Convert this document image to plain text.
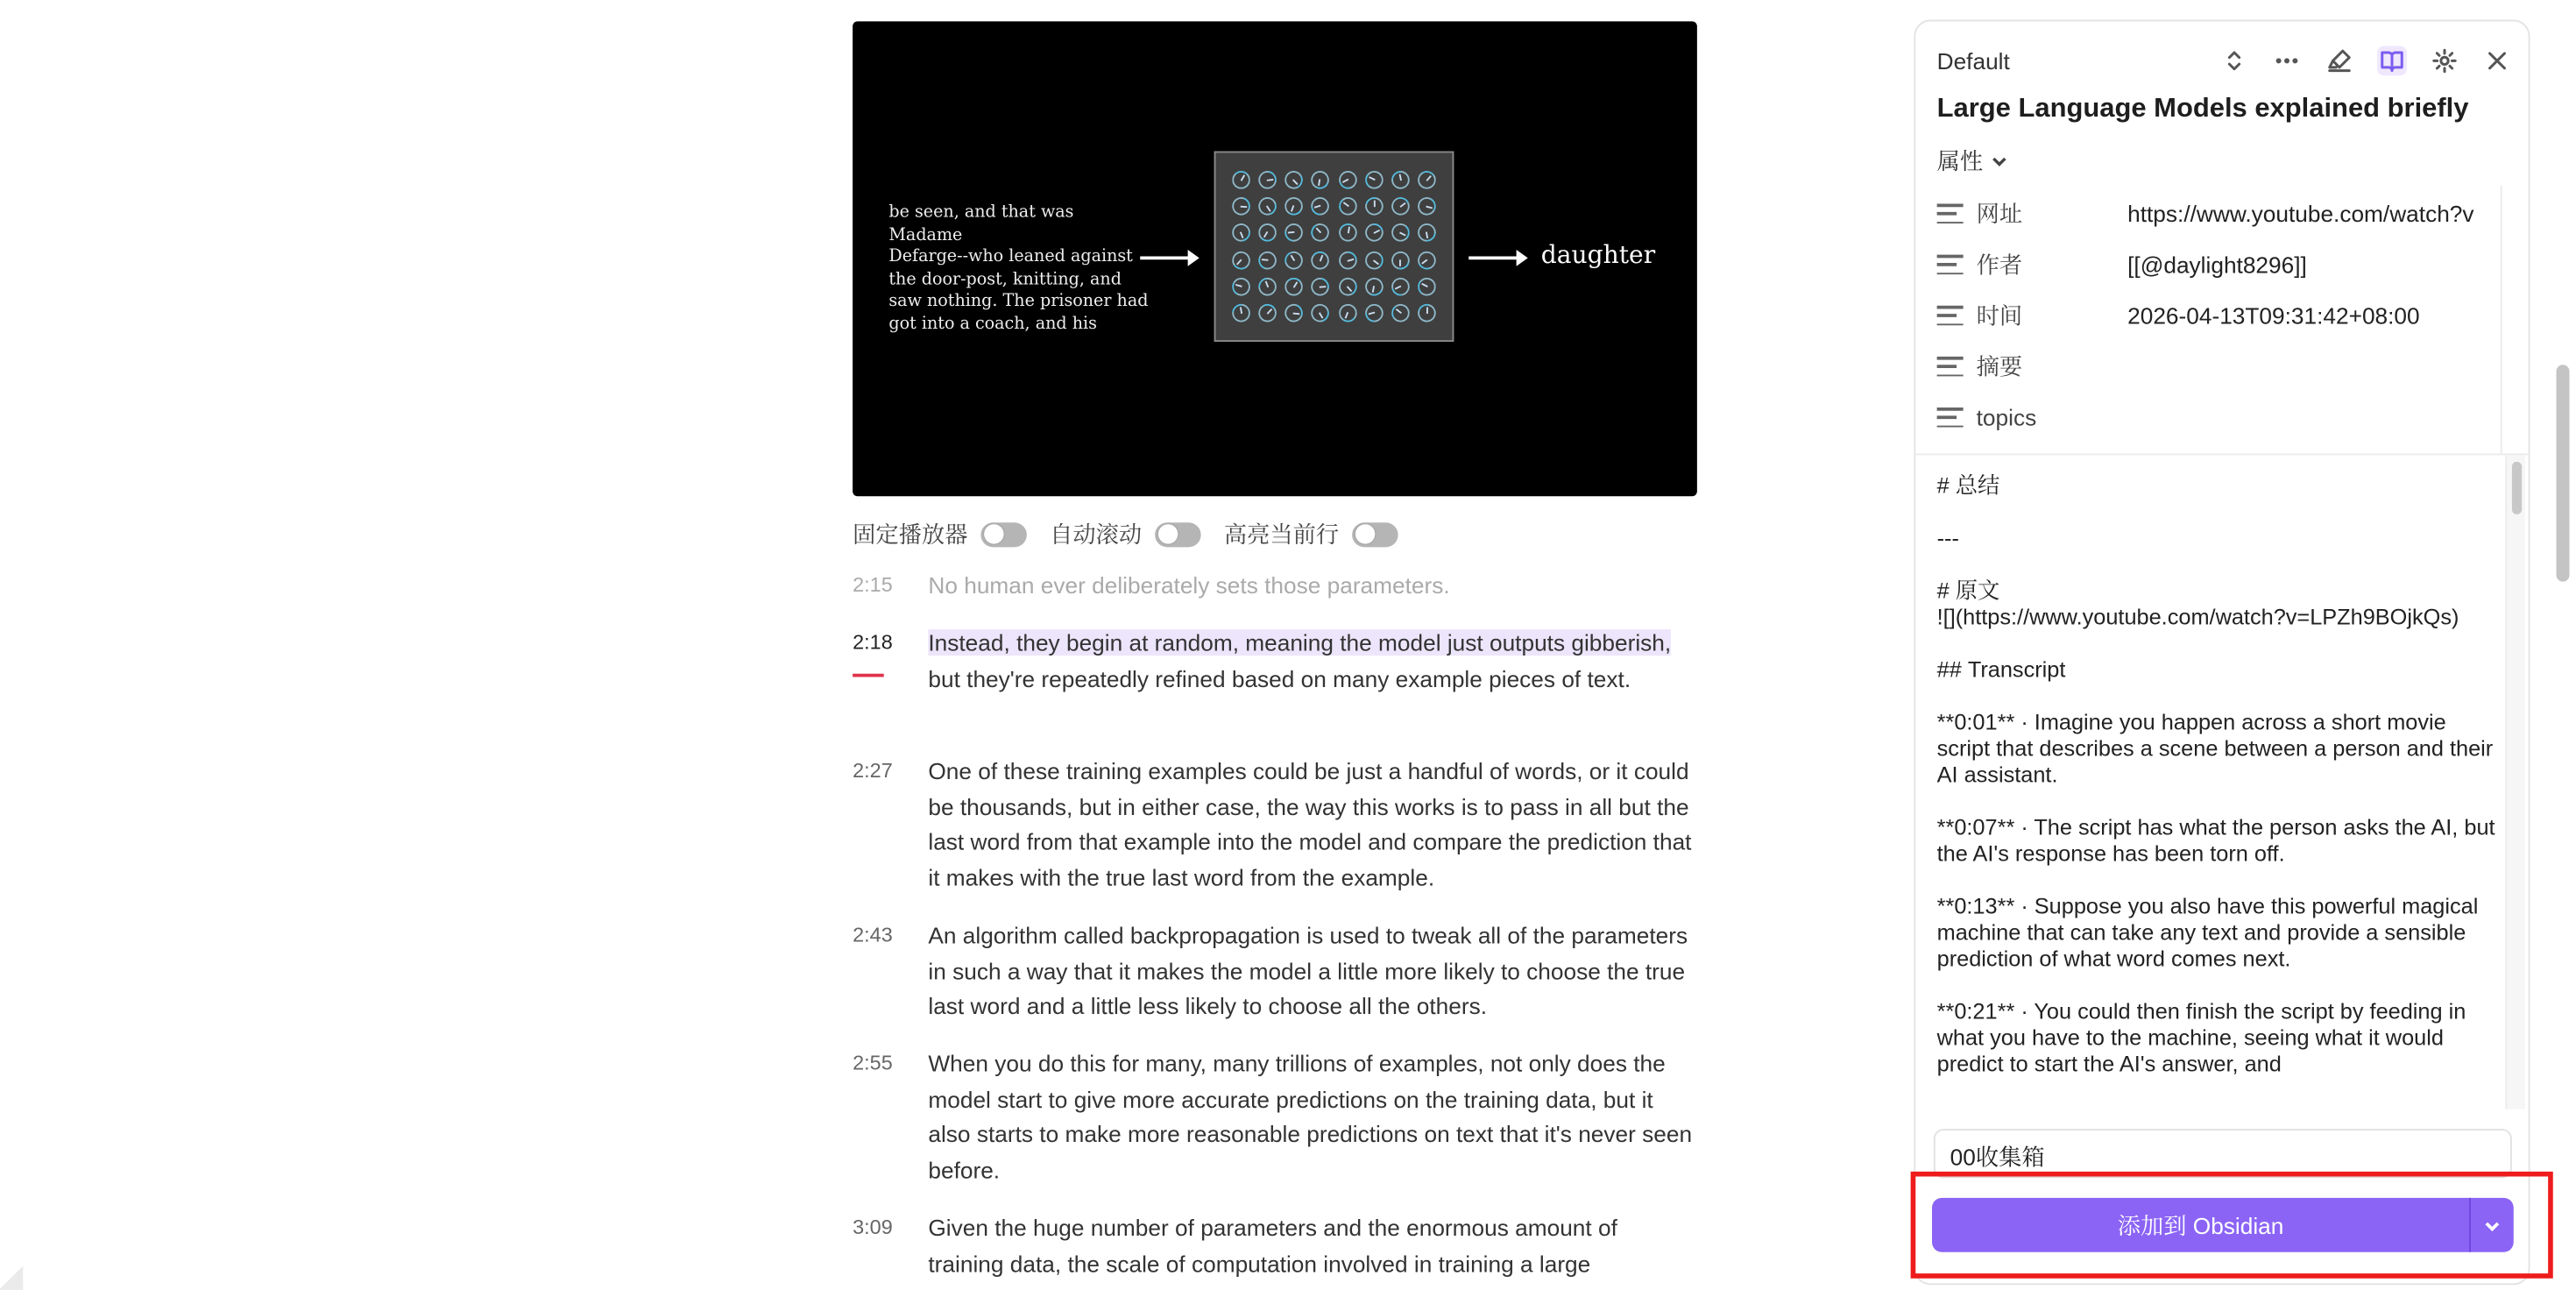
be seen, and that was Madame
Defarge--who leaned against
the door-post, knitting, and
saw nothing. The prisoner had
got into a coach, and his
daughter
固定播放器	自动滚动	高亮当前行
2:15	No human ever deliberately sets those parameters.
2:18	Instead, they begin at random, meaning the model just outputs gibberish, but they're repeatedly refined based on many example pieces of text.
2:27	One of these training examples could be just a handful of words, or it could be thousands, but in either case, the way this works is to pass in all but the last word from that example into the model and compare the prediction that it makes with the true last word from the example.
2:43	An algorithm called backpropagation is used to tweak all of the parameters in such a way that it makes the model a little more likely to choose the true last word and a little less likely to choose all the others.
2:55	When you do this for many, many trillions of examples, not only does the model start to give more accurate predictions on the training data, but it also starts to make more reasonable predictions on text that it's never seen before.
3:09	Given the huge number of parameters and the enormous amount of training data, the scale of computation involved in training a large
Default
Large Language Models explained briefly
属性
网址	https://www.youtube.com/watch?v
作者	[[@daylight8296]]
时间	2026-04-13T09:31:42+08:00
摘要
topics
# 总结

---

# 原文
![](https://www.youtube.com/watch?v=LPZh9BOjkQs)

## Transcript

**0:01** · Imagine you happen across a short movie script that describes a scene between a person and their AI assistant.

**0:07** · The script has what the person asks the AI, but the AI's response has been torn off.

**0:13** · Suppose you also have this powerful magical machine that can take any text and provide a sensible prediction of what word comes next.

**0:21** · You could then finish the script by feeding in what you have to the machine, seeing what it would predict to start the AI's answer, and
00收集箱
添加到 Obsidian
